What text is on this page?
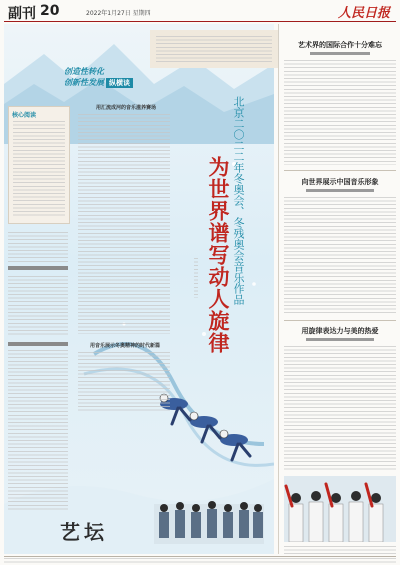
副刊 20	2022年1月27日 星期四	人民日报
创造性转化
创新性发展 纵横谈
核心阅读
用汇流成河的音乐滋养赛场
用音乐展示冬奥精神的时代新篇
北京二〇二二年冬奥会、冬残奥会音乐作品
为世界谱写动人旋律
艺坛
艺术界的国际合作十分难忘
向世界展示中国音乐形象
用旋律表达力与美的热爱
